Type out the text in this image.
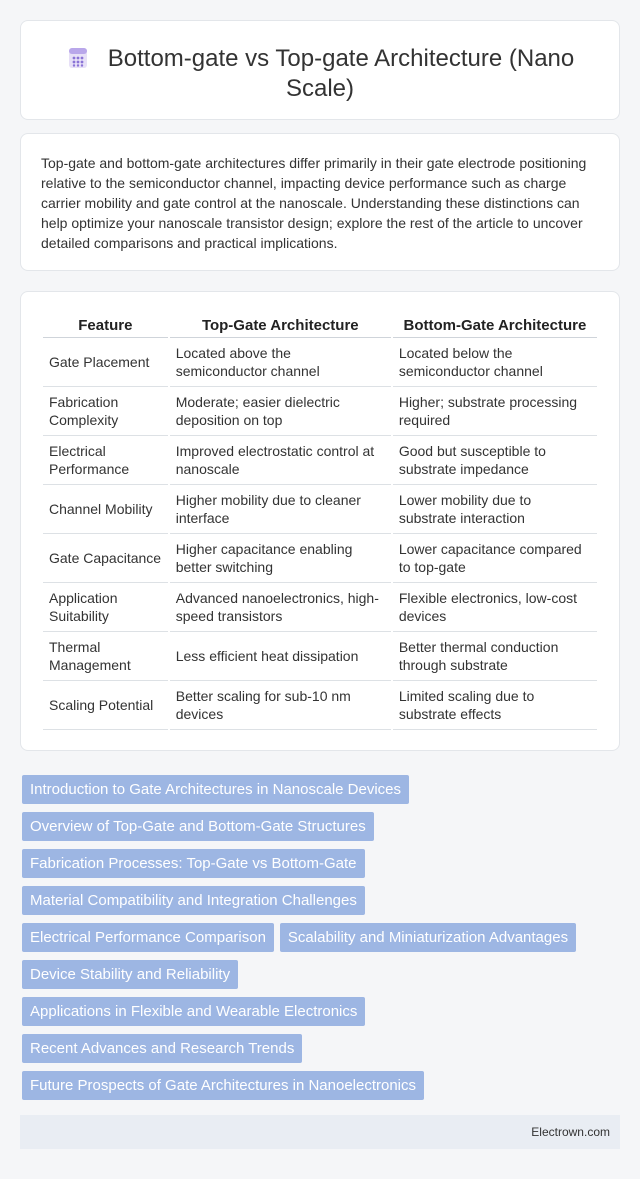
Bottom-gate vs Top-gate Architecture (Nano
Scale)

Top-gate and bottom-gate architectures differ primarily in their gate electrode positioning relative to the semiconductor channel, impacting device performance such as charge carrier mobility and gate control at the nanoscale. Understanding these distinctions can help optimize your nanoscale transistor design; explore the rest of the article to uncover detailed comparisons and practical implications.

Feature	Top-Gate Architecture	Bottom-Gate Architecture
Gate Placement	Located above the semiconductor channel	Located below the semiconductor channel
Fabrication Complexity	Moderate; easier dielectric deposition on top	Higher; substrate processing required
Electrical Performance	Improved electrostatic control at nanoscale	Good but susceptible to substrate impedance
Channel Mobility	Higher mobility due to cleaner interface	Lower mobility due to substrate interaction
Gate Capacitance	Higher capacitance enabling better switching	Lower capacitance compared to top-gate
Application Suitability	Advanced nanoelectronics, high-speed transistors	Flexible electronics, low-cost devices
Thermal Management	Less efficient heat dissipation	Better thermal conduction through substrate
Scaling Potential	Better scaling for sub-10 nm devices	Limited scaling due to substrate effects
Introduction to Gate Architectures in Nanoscale Devices
Overview of Top-Gate and Bottom-Gate Structures
Fabrication Processes: Top-Gate vs Bottom-Gate
Material Compatibility and Integration Challenges
Electrical Performance Comparison Scalability and Miniaturization Advantages
Device Stability and Reliability
Applications in Flexible and Wearable Electronics
Recent Advances and Research Trends
Future Prospects of Gate Architectures in Nanoelectronics
Electrown.com
